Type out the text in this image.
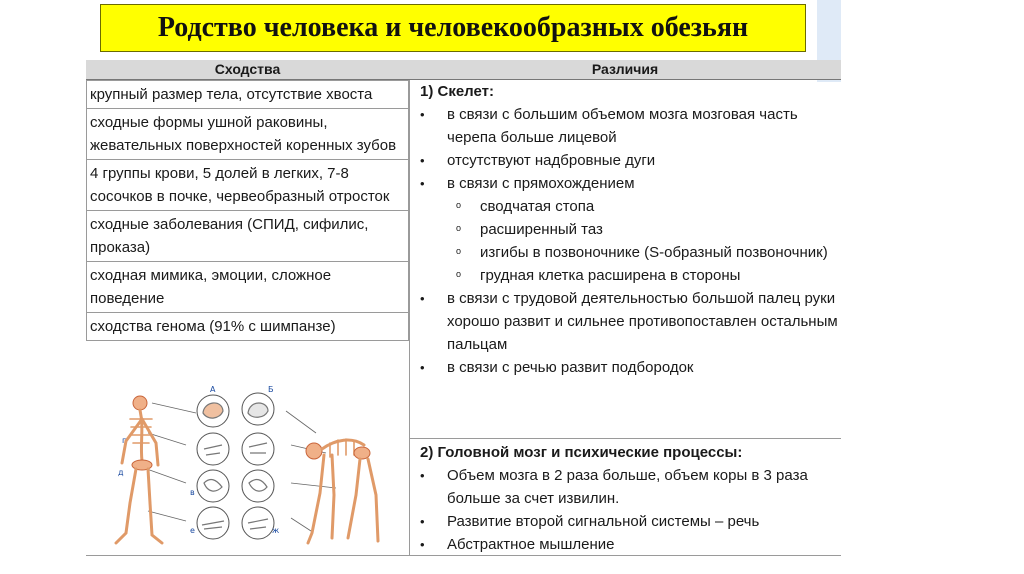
Родство человека и человекообразных обезьян
Сходства	Различия
крупный размер тела, отсутствие хвоста
сходные формы ушной раковины, жевательных поверхностей коренных зубов
4 группы крови, 5 долей в легких, 7-8 сосочков в почке, червеобразный отросток
сходные заболевания (СПИД, сифилис, проказа)
сходная мимика, эмоции, сложное поведение
сходства генома (91% с шимпанзе)
А	Б
г
д
в
е	ж
1) Скелет:
• в связи с большим объемом мозга мозговая часть черепа больше лицевой
• отсутствуют надбровные дуги
• в связи с прямохождением
o сводчатая стопа
o расширенный таз
o изгибы в позвоночнике (S-образный позвоночник)
o грудная клетка расширена в стороны
• в связи с трудовой деятельностью большой палец руки хорошо развит и сильнее противопоставлен остальным пальцам
• в связи с речью развит подбородок
2) Головной мозг и психические процессы:
• Объем мозга в 2 раза больше, объем коры в 3 раза больше за счет извилин.
• Развитие второй сигнальной системы – речь
• Абстрактное мышление
